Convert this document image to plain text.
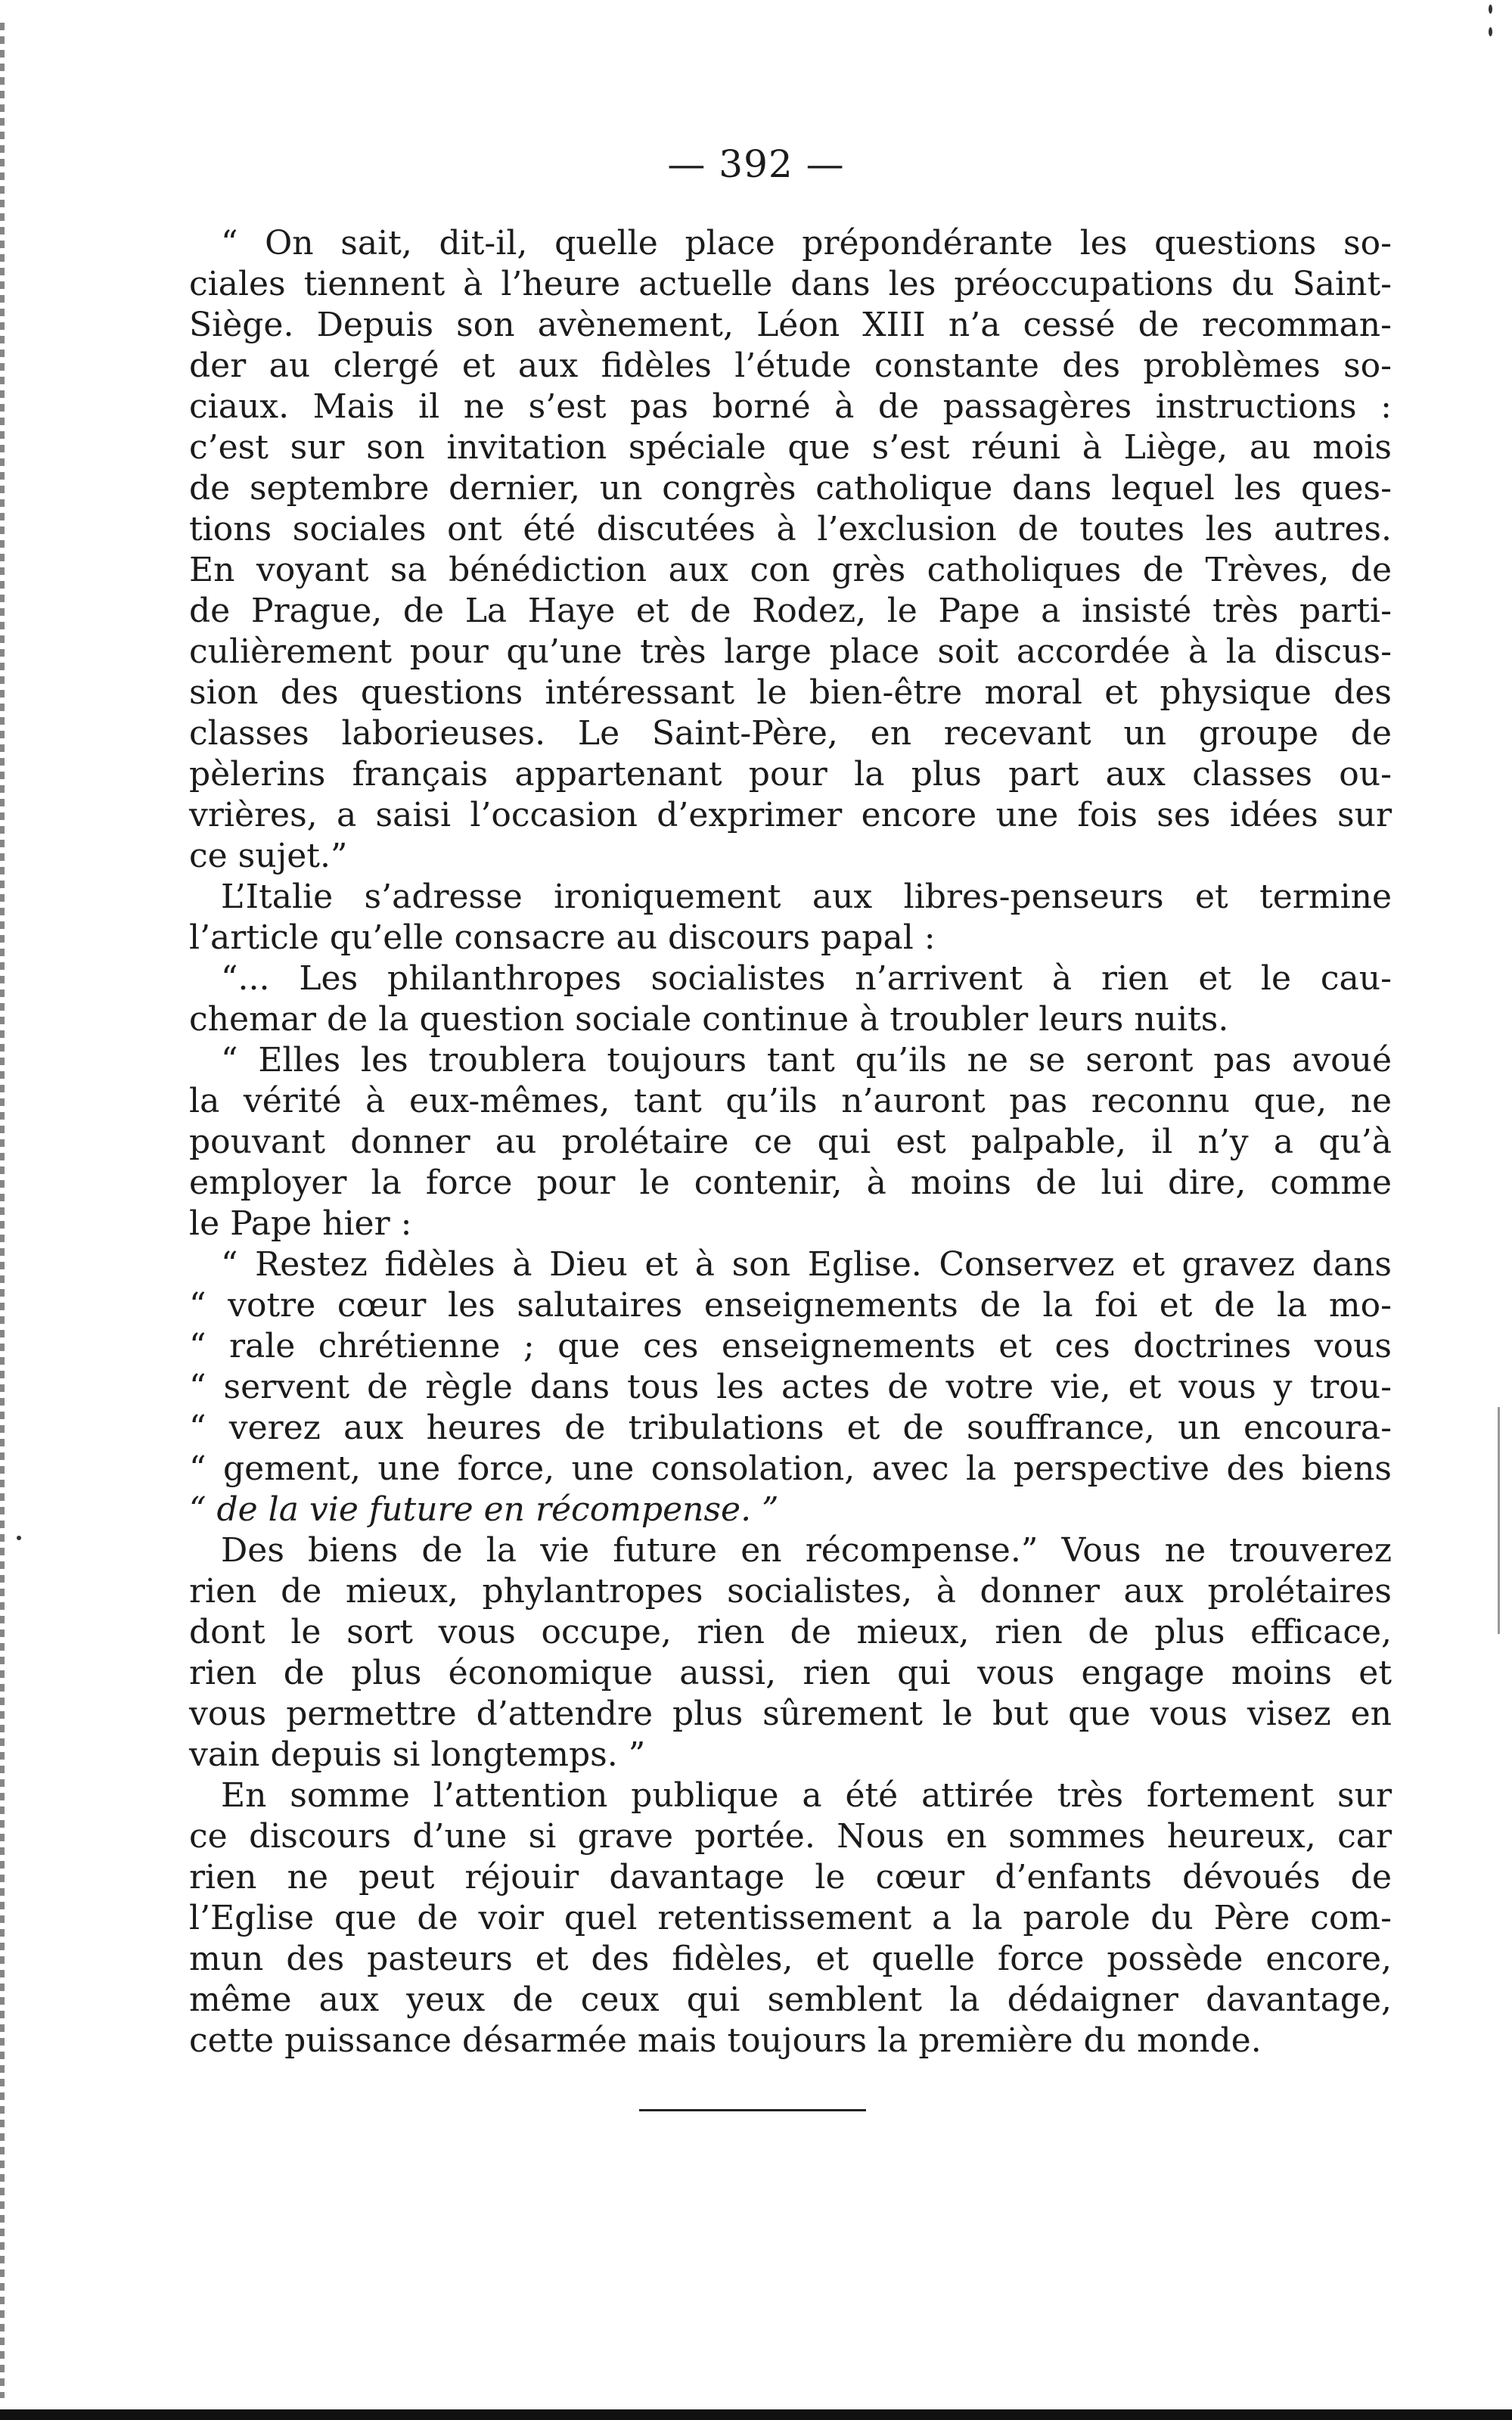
— 392 —
“ On sait, dit-il, quelle place prépondérante les questions so-
ciales tiennent à l’heure actuelle dans les préoccupations du Saint-
Siège. Depuis son avènement, Léon XIII n’a cessé de recomman-
der au clergé et aux fidèles l’étude constante des problèmes so-
ciaux. Mais il ne s’est pas borné à de passagères instructions :
c’est sur son invitation spéciale que s’est réuni à Liège, au mois
de septembre dernier, un congrès catholique dans lequel les ques-
tions sociales ont été discutées à l’exclusion de toutes les autres.
En voyant sa bénédiction aux con grès catholiques de Trèves, de
de Prague, de La Haye et de Rodez, le Pape a insisté très parti-
culièrement pour qu’une très large place soit accordée à la discus-
sion des questions intéressant le bien-être moral et physique des
classes laborieuses. Le Saint-Père, en recevant un groupe de
pèlerins français appartenant pour la plus part aux classes ou-
vrières, a saisi l’occasion d’exprimer encore une fois ses idées sur
ce sujet.”
L’Italie s’adresse ironiquement aux libres-penseurs et termine
l’article qu’elle consacre au discours papal :
“... Les philanthropes socialistes n’arrivent à rien et le cau-
chemar de la question sociale continue à troubler leurs nuits.
“ Elles les troublera toujours tant qu’ils ne se seront pas avoué
la vérité à eux-mêmes, tant qu’ils n’auront pas reconnu que, ne
pouvant donner au prolétaire ce qui est palpable, il n’y a qu’à
employer la force pour le contenir, à moins de lui dire, comme
le Pape hier :
“ Restez fidèles à Dieu et à son Eglise. Conservez et gravez dans
“ votre cœur les salutaires enseignements de la foi et de la mo-
“ rale chrétienne ; que ces enseignements et ces doctrines vous
“ servent de règle dans tous les actes de votre vie, et vous y trou-
“ verez aux heures de tribulations et de souffrance, un encoura-
“ gement, une force, une consolation, avec la perspective des biens
“ de la vie future en récompense. ”
Des biens de la vie future en récompense.” Vous ne trouverez
rien de mieux, phylantropes socialistes, à donner aux prolétaires
dont le sort vous occupe, rien de mieux, rien de plus efficace,
rien de plus économique aussi, rien qui vous engage moins et
vous permettre d’attendre plus sûrement le but que vous visez en
vain depuis si longtemps. ”
En somme l’attention publique a été attirée très fortement sur
ce discours d’une si grave portée. Nous en sommes heureux, car
rien ne peut réjouir davantage le cœur d’enfants dévoués de
l’Eglise que de voir quel retentissement a la parole du Père com-
mun des pasteurs et des fidèles, et quelle force possède encore,
même aux yeux de ceux qui semblent la dédaigner davantage,
cette puissance désarmée mais toujours la première du monde.
